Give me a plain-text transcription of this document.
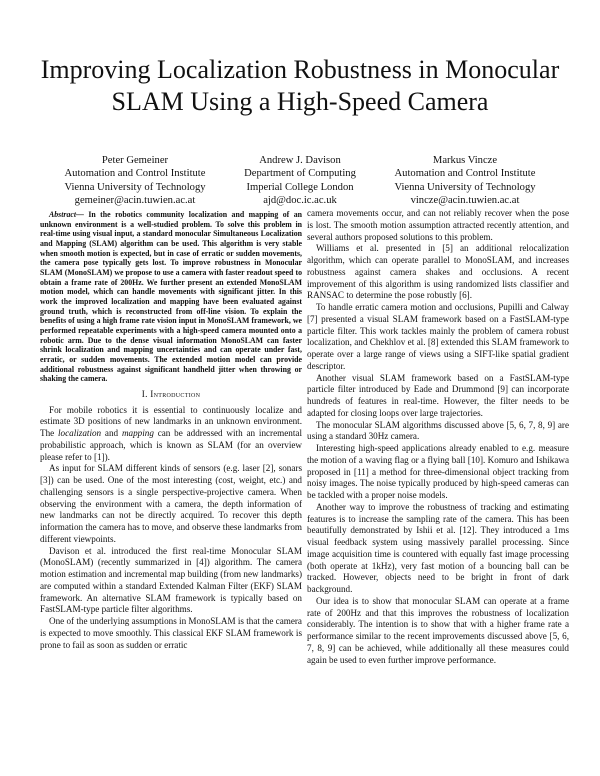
Improving Localization Robustness in Monocular
SLAM Using a High-Speed Camera
Peter Gemeiner
Automation and Control Institute
Vienna University of Technology
gemeiner@acin.tuwien.ac.at
Andrew J. Davison
Department of Computing
Imperial College London
ajd@doc.ic.ac.uk
Markus Vincze
Automation and Control Institute
Vienna University of Technology
vincze@acin.tuwien.ac.at

Abstract— In the robotics community localization and mapping of an unknown environment is a well-studied problem. To solve this problem in real-time using visual input, a standard monocular Simultaneous Localization and Mapping (SLAM) algorithm can be used. This algorithm is very stable when smooth motion is expected, but in case of erratic or sudden movements, the camera pose typically gets lost. To improve robustness in Monocular SLAM (MonoSLAM) we propose to use a camera with faster readout speed to obtain a frame rate of 200Hz. We further present an extended MonoSLAM motion model, which can handle movements with significant jitter. In this work the improved localization and mapping have been evaluated against ground truth, which is reconstructed from off-line vision. To explain the benefits of using a high frame rate vision input in MonoSLAM framework, we performed repeatable experiments with a high-speed camera mounted onto a robotic arm. Due to the dense visual information MonoSLAM can faster shrink localization and mapping uncertainties and can operate under fast, erratic, or sudden movements. The extended motion model can provide additional robustness against significant handheld jitter when throwing or shaking the camera.

I. Introduction

For mobile robotics it is essential to continuously localize and estimate 3D positions of new landmarks in an unknown environment. The localization and mapping can be addressed with an incremental probabilistic approach, which is known as SLAM (for an overview please refer to [1]).

As input for SLAM different kinds of sensors (e.g. laser [2], sonars [3]) can be used. One of the most interesting (cost, weight, etc.) and challenging sensors is a single perspective-projective camera. When observing the environment with a camera, the depth information of new landmarks can not be directly acquired. To recover this depth information the camera has to move, and observe these landmarks from different viewpoints.

Davison et al. introduced the first real-time Monocular SLAM (MonoSLAM) (recently summarized in [4]) algorithm. The camera motion estimation and incremental map building (from new landmarks) are computed within a standard Extended Kalman Filter (EKF) SLAM framework. An alternative SLAM framework is typically based on FastSLAM-type particle filter algorithms.

One of the underlying assumptions in MonoSLAM is that the camera is expected to move smoothly. This classical EKF SLAM framework is prone to fail as soon as sudden or erratic

camera movements occur, and can not reliably recover when the pose is lost. The smooth motion assumption attracted recently attention, and several authors proposed solutions to this problem.

Williams et al. presented in [5] an additional relocalization algorithm, which can operate parallel to MonoSLAM, and increases robustness against camera shakes and occlusions. A recent improvement of this algorithm is using randomized lists classifier and RANSAC to determine the pose robustly [6].

To handle erratic camera motion and occlusions, Pupilli and Calway [7] presented a visual SLAM framework based on a FastSLAM-type particle filter. This work tackles mainly the problem of camera robust localization, and Chekhlov et al. [8] extended this SLAM framework to operate over a large range of views using a SIFT-like spatial gradient descriptor.

Another visual SLAM framework based on a FastSLAM-type particle filter introduced by Eade and Drummond [9] can incorporate hundreds of features in real-time. However, the filter needs to be adapted for closing loops over large trajectories.

The monocular SLAM algorithms discussed above [5, 6, 7, 8, 9] are using a standard 30Hz camera.

Interesting high-speed applications already enabled to e.g. measure the motion of a waving flag or a flying ball [10]. Komuro and Ishikawa proposed in [11] a method for three-dimensional object tracking from noisy images. The noise typically produced by high-speed cameras can be tackled with a proper noise models.

Another way to improve the robustness of tracking and estimating features is to increase the sampling rate of the camera. This has been beautifully demonstrated by Ishii et al. [12]. They introduced a 1ms visual feedback system using massively parallel processing. Since image acquisition time is countered with equally fast image processing (both operate at 1kHz), very fast motion of a bouncing ball can be tracked. However, objects need to be bright in front of dark background.

Our idea is to show that monocular SLAM can operate at a frame rate of 200Hz and that this improves the robustness of localization considerably. The intention is to show that with a higher frame rate a performance similar to the recent improvements discussed above [5, 6, 7, 8, 9] can be achieved, while additionally all these measures could again be used to even further improve performance.
